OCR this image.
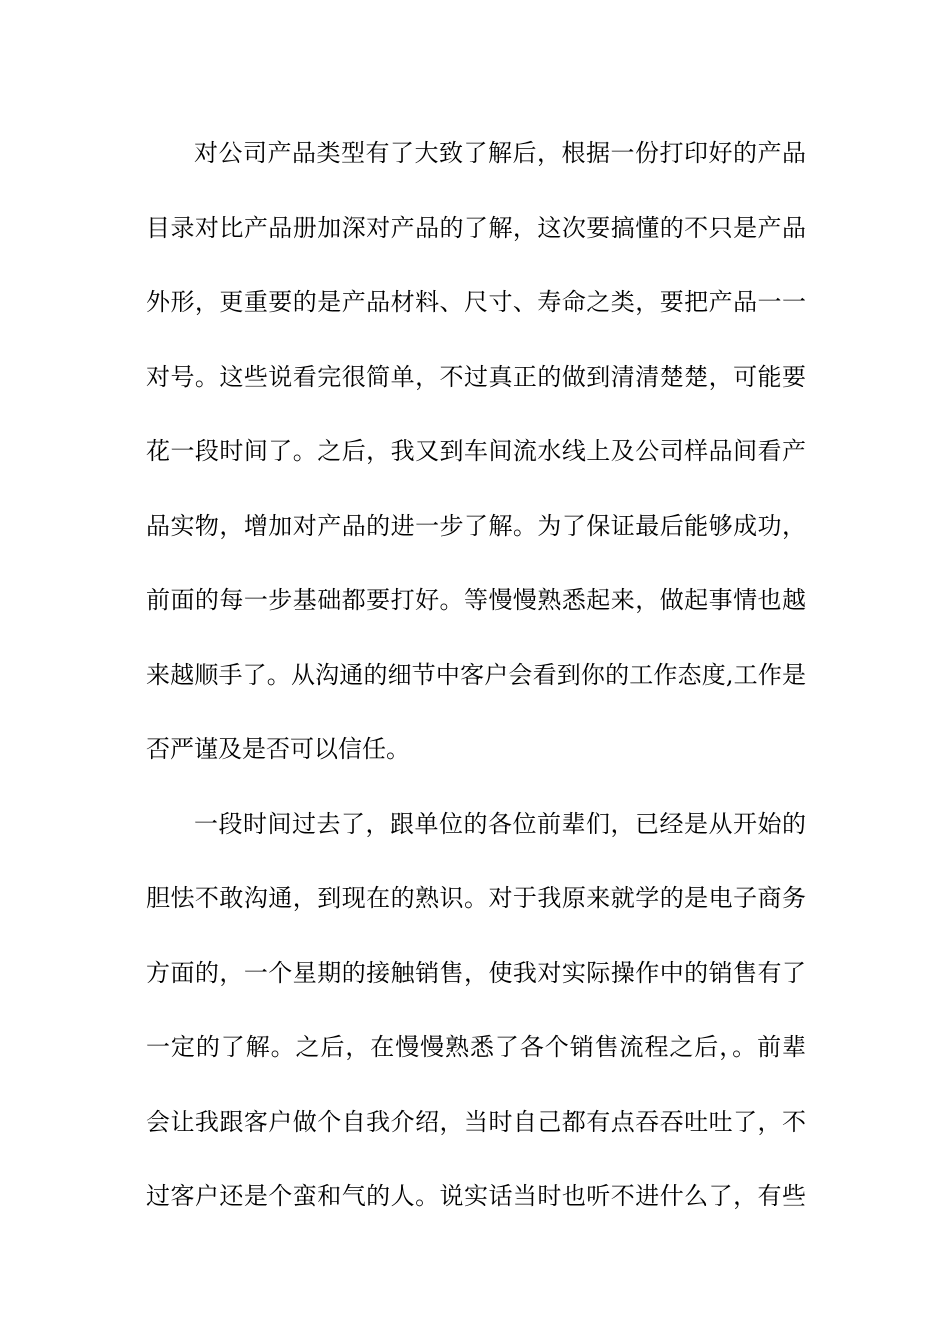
对公司产品类型有了大致了解后，根据一份打印好的产品
目录对比产品册加深对产品的了解，这次要搞懂的不只是产品
外形，更重要的是产品材料、尺寸、寿命之类，要把产品一一
对号。这些说看完很简单，不过真正的做到清清楚楚，可能要
花一段时间了。之后，我又到车间流水线上及公司样品间看产
品实物，增加对产品的进一步了解。为了保证最后能够成功，
前面的每一步基础都要打好。等慢慢熟悉起来，做起事情也越
来越顺手了。从沟通的细节中客户会看到你的工作态度,工作是
否严谨及是否可以信任。
一段时间过去了，跟单位的各位前辈们，已经是从开始的
胆怯不敢沟通，到现在的熟识。对于我原来就学的是电子商务
方面的，一个星期的接触销售，使我对实际操作中的销售有了
一定的了解。之后，在慢慢熟悉了各个销售流程之后，。前辈
会让我跟客户做个自我介绍，当时自己都有点吞吞吐吐了，不
过客户还是个蛮和气的人。说实话当时也听不进什么了，有些
